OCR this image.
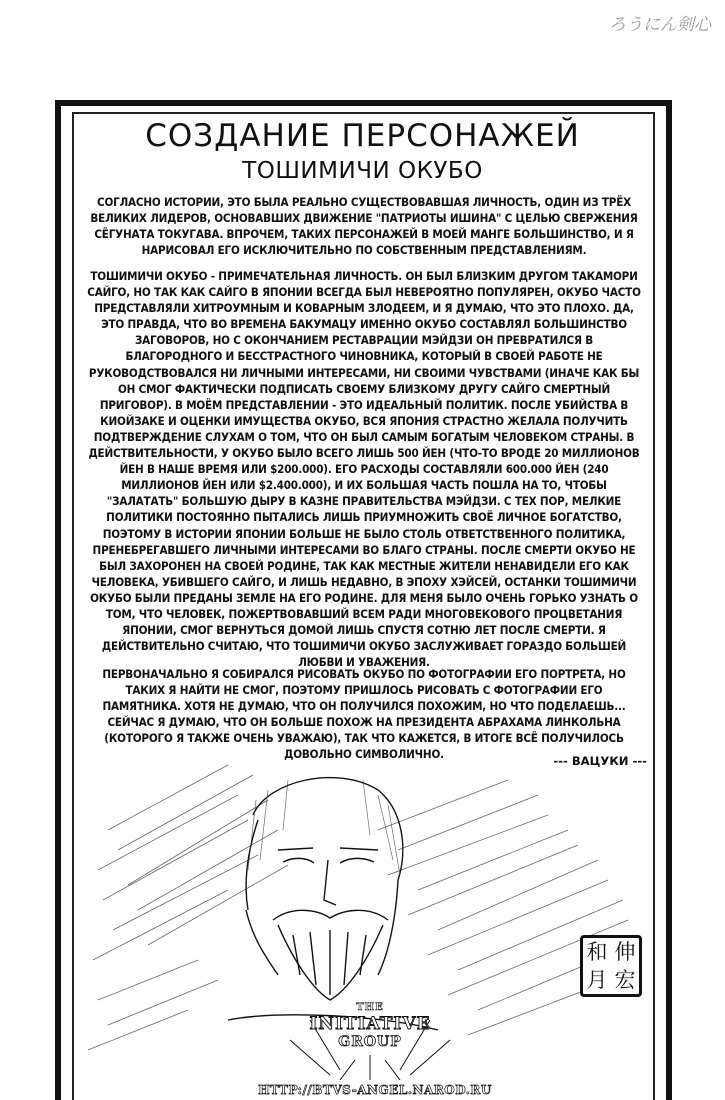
ろうにん剣心
СОЗДАНИЕ ПЕРСОНАЖЕЙ
ТОШИМИЧИ ОКУБО
СОГЛАСНО ИСТОРИИ, ЭТО БЫЛА РЕАЛЬНО СУЩЕСТВОВАВШАЯ ЛИЧНОСТЬ, ОДИН ИЗ ТРЁХ ВЕЛИКИХ ЛИДЕРОВ, ОСНОВАВШИХ ДВИЖЕНИЕ "ПАТРИОТЫ ИШИНА" С ЦЕЛЬЮ СВЕРЖЕНИЯ СЁГУНАТА ТОКУГАВА. ВПРОЧЕМ, ТАКИХ ПЕРСОНАЖЕЙ В МОЕЙ МАНГЕ БОЛЬШИНСТВО, И Я НАРИСОВАЛ ЕГО ИСКЛЮЧИТЕЛЬНО ПО СОБСТВЕННЫМ ПРЕДСТАВЛЕНИЯМ.
ТОШИМИЧИ ОКУБО - ПРИМЕЧАТЕЛЬНАЯ ЛИЧНОСТЬ. ОН БЫЛ БЛИЗКИМ ДРУГОМ ТАКАМОРИ САЙГО, НО ТАК КАК САЙГО В ЯПОНИИ ВСЕГДА БЫЛ НЕВЕРОЯТНО ПОПУЛЯРЕН, ОКУБО ЧАСТО ПРЕДСТАВЛЯЛИ ХИТРОУМНЫМ И КОВАРНЫМ ЗЛОДЕЕМ, И Я ДУМАЮ, ЧТО ЭТО ПЛОХО. ДА, ЭТО ПРАВДА, ЧТО ВО ВРЕМЕНА БАКУМАЦУ ИМЕННО ОКУБО СОСТАВЛЯЛ БОЛЬШИНСТВО ЗАГОВОРОВ, НО С ОКОНЧАНИЕМ РЕСТАВРАЦИИ МЭЙДЗИ ОН ПРЕВРАТИЛСЯ В БЛАГОРОДНОГО И БЕССТРАСТНОГО ЧИНОВНИКА, КОТОРЫЙ В СВОЕЙ РАБОТЕ НЕ РУКОВОДСТВОВАЛСЯ НИ ЛИЧНЫМИ ИНТЕРЕСАМИ, НИ СВОИМИ ЧУВСТВАМИ (ИНАЧЕ КАК БЫ ОН СМОГ ФАКТИЧЕСКИ ПОДПИСАТЬ СВОЕМУ БЛИЗКОМУ ДРУГУ САЙГО СМЕРТНЫЙ ПРИГОВОР). В МОЁМ ПРЕДСТАВЛЕНИИ - ЭТО ИДЕАЛЬНЫЙ ПОЛИТИК. ПОСЛЕ УБИЙСТВА В КИОЙЗАКЕ И ОЦЕНКИ ИМУЩЕСТВА ОКУБО, ВСЯ ЯПОНИЯ СТРАСТНО ЖЕЛАЛА ПОЛУЧИТЬ ПОДТВЕРЖДЕНИЕ СЛУХАМ О ТОМ, ЧТО ОН БЫЛ САМЫМ БОГАТЫМ ЧЕЛОВЕКОМ СТРАНЫ. В ДЕЙСТВИТЕЛЬНОСТИ, У ОКУБО БЫЛО ВСЕГО ЛИШЬ 500 ЙЕН (ЧТО-ТО ВРОДЕ 20 МИЛЛИОНОВ ЙЕН В НАШЕ ВРЕМЯ ИЛИ $200.000). ЕГО РАСХОДЫ СОСТАВЛЯЛИ 600.000 ЙЕН (240 МИЛЛИОНОВ ЙЕН ИЛИ $2.400.000), И ИХ БОЛЬШАЯ ЧАСТЬ ПОШЛА НА ТО, ЧТОБЫ "ЗАЛАТАТЬ" БОЛЬШУЮ ДЫРУ В КАЗНЕ ПРАВИТЕЛЬСТВА МЭЙДЗИ. С ТЕХ ПОР, МЕЛКИЕ ПОЛИТИКИ ПОСТОЯННО ПЫТАЛИСЬ ЛИШЬ ПРИУМНОЖИТЬ СВОЁ ЛИЧНОЕ БОГАТСТВО, ПОЭТОМУ В ИСТОРИИ ЯПОНИИ БОЛЬШЕ НЕ БЫЛО СТОЛЬ ОТВЕТСТВЕННОГО ПОЛИТИКА, ПРЕНЕБРЕГАВШЕГО ЛИЧНЫМИ ИНТЕРЕСАМИ ВО БЛАГО СТРАНЫ. ПОСЛЕ СМЕРТИ ОКУБО НЕ БЫЛ ЗАХОРОНЕН НА СВОЕЙ РОДИНЕ, ТАК КАК МЕСТНЫЕ ЖИТЕЛИ НЕНАВИДЕЛИ ЕГО КАК ЧЕЛОВЕКА, УБИВШЕГО САЙГО, И ЛИШЬ НЕДАВНО, В ЭПОХУ ХЭЙСЕЙ, ОСТАНКИ ТОШИМИЧИ ОКУБО БЫЛИ ПРЕДАНЫ ЗЕМЛЕ НА ЕГО РОДИНЕ. ДЛЯ МЕНЯ БЫЛО ОЧЕНЬ ГОРЬКО УЗНАТЬ О ТОМ, ЧТО ЧЕЛОВЕК, ПОЖЕРТВОВАВШИЙ ВСЕМ РАДИ МНОГОВЕКОВОГО ПРОЦВЕТАНИЯ ЯПОНИИ, СМОГ ВЕРНУТЬСЯ ДОМОЙ ЛИШЬ СПУСТЯ СОТНЮ ЛЕТ ПОСЛЕ СМЕРТИ. Я ДЕЙСТВИТЕЛЬНО СЧИТАЮ, ЧТО ТОШИМИЧИ ОКУБО ЗАСЛУЖИВАЕТ ГОРАЗДО БОЛЬШЕЙ ЛЮБВИ И УВАЖЕНИЯ.
ПЕРВОНАЧАЛЬНО Я СОБИРАЛСЯ РИСОВАТЬ ОКУБО ПО ФОТОГРАФИИ ЕГО ПОРТРЕТА, НО ТАКИХ Я НАЙТИ НЕ СМОГ, ПОЭТОМУ ПРИШЛОСЬ РИСОВАТЬ С ФОТОГРАФИИ ЕГО ПАМЯТНИКА. ХОТЯ НЕ ДУМАЮ, ЧТО ОН ПОЛУЧИЛСЯ ПОХОЖИМ, НО ЧТО ПОДЕЛАЕШЬ... СЕЙЧАС Я ДУМАЮ, ЧТО ОН БОЛЬШЕ ПОХОЖ НА ПРЕЗИДЕНТА АБРАХАМА ЛИНКОЛЬНА (КОТОРОГО Я ТАКЖЕ ОЧЕНЬ УВАЖАЮ), ТАК ЧТО КАЖЕТСЯ, В ИТОГЕ ВСЁ ПОЛУЧИЛОСЬ ДОВОЛЬНО СИМВОЛИЧНО.	--- ВАЦУКИ ---
和 伸
月 宏
THE
INITIATIVE
GROUP
HTTP://BTVS-ANGEL.NAROD.RU
